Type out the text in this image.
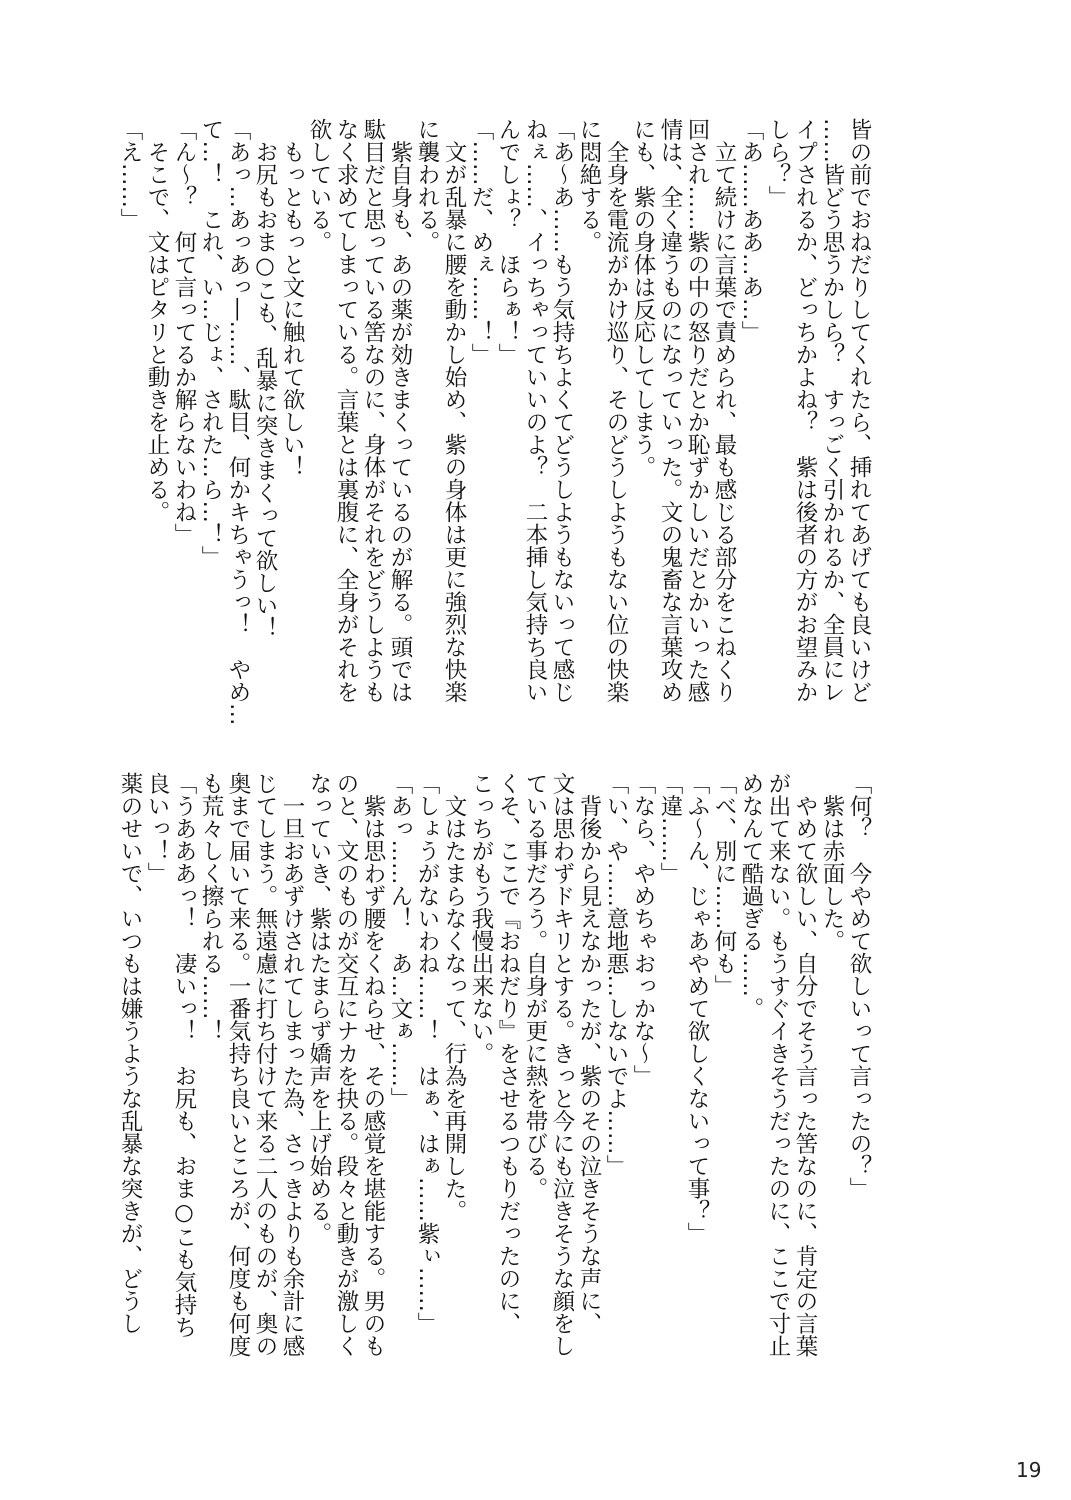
皆の前でおねだりしてくれたら、挿れてあげても良いけど
……皆どう思うかしら？　すっごく引かれるか、全員にレ
イプされるか、どっちかよね？　紫は後者の方がお望みか
しら？」
「あ……ああ…あ…」
　立て続けに言葉で責められ、最も感じる部分をこねくり
回され……紫の中の怒りだとか恥ずかしいだとかいった感
情は、全く違うものになっていった。文の鬼畜な言葉攻め
にも、紫の身体は反応してしまう。
　全身を電流がかけ巡り、そのどうしようもない位の快楽
に悶絶する。
「あ～あ……もう気持ちよくてどうしようもないって感じ
ねぇ……、イっちゃっていいのよ？　二本挿し気持ち良い
んでしょ？　ほらぁ！」
「……だ、めぇ……！」
　文が乱暴に腰を動かし始め、紫の身体は更に強烈な快楽
に襲われる。
　紫自身も、あの薬が効きまくっているのが解る。頭では
駄目だと思っている筈なのに、身体がそれをどうしようも
なく求めてしまっている。言葉とは裏腹に、全身がそれを
欲している。
　もっともっと文に触れて欲しい！
　お尻もおま○こも、乱暴に突きまくって欲しい！
「あっ…あっあっ―……、駄目、何かキちゃうっ！　やめ…
て…！　これ、い…じょ、された…ら…！」
「ん～？　何て言ってるか解らないわね」
　そこで、文はピタリと動きを止める。
「え……」
「何？　今やめて欲しいって言ったの？」
　紫は赤面した。
　やめて欲しい、自分でそう言った筈なのに、肯定の言葉
が出て来ない。もうすぐイきそうだったのに、ここで寸止
めなんて酷過ぎる……。
「べ、別に……何も」
「ふ～ん、じゃあやめて欲しくないって事？」
「違……」
「なら、やめちゃおっかな～」
「い、や……意地悪…しないでよ……」
　背後から見えなかったが、紫のその泣きそうな声に、
文は思わずドキリとする。きっと今にも泣きそうな顔をし
ている事だろう。自身が更に熱を帯びる。
くそ、ここで『おねだり』をさせるつもりだったのに、
こっちがもう我慢出来ない。
　文はたまらなくなって、行為を再開した。
「しょうがないわね……！　はぁ、はぁ……紫ぃ……」
「あっ……ん！　あ…文ぁ……」
　紫は思わず腰をくねらせ、その感覚を堪能する。男のも
のと、文のものが交互にナカを抉る。段々と動きが激しく
なっていき、紫はたまらず嬌声を上げ始める。
　一旦おあずけされてしまった為、さっきよりも余計に感
じてしまう。無遠慮に打ち付けて来る二人のものが、奥の
奥まで届いて来る。一番気持ち良いところが、何度も何度
も荒々しく擦られる……！
「うあああっ！　凄いっ！　お尻も、おま○こも気持ち
良いっ！」
薬のせいで、いつもは嫌うような乱暴な突きが、どうし
19
